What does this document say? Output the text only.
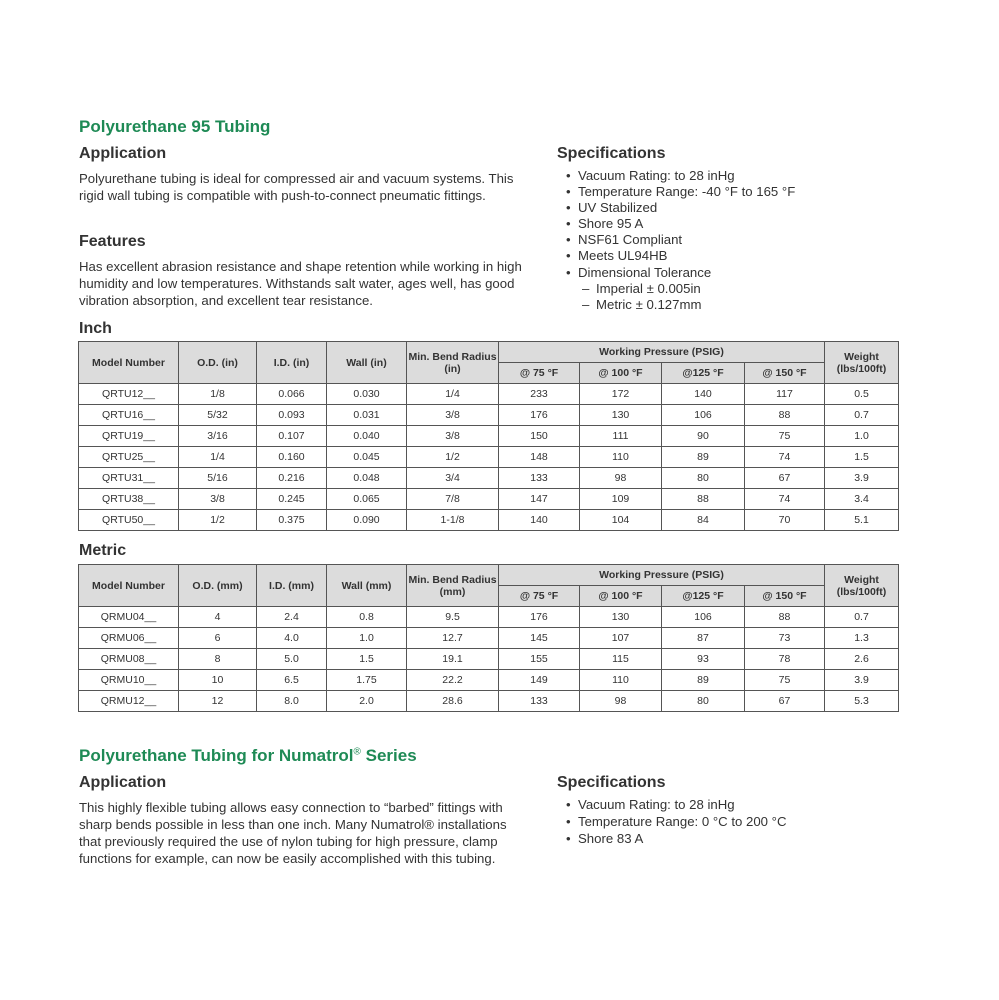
Polyurethane 95 Tubing
Application

Polyurethane tubing is ideal for compressed air and vacuum systems. This rigid wall tubing is compatible with push-to-connect pneumatic fittings.

Features

Has excellent abrasion resistance and shape retention while working in high humidity and low temperatures. Withstands salt water, ages well, has good vibration absorption, and excellent tear resistance.

Specifications
• Vacuum Rating: to 28 inHg
• Temperature Range: -40 °F to 165 °F
• UV Stabilized
• Shore 95 A
• NSF61 Compliant
• Meets UL94HB
• Dimensional Tolerance
– Imperial ± 0.005in
– Metric ± 0.127mm
Inch
Model Number	O.D. (in)	I.D. (in)	Wall (in)	Min. Bend Radius (in)	Working Pressure (PSIG)				Weight (lbs/100ft)
					@ 75 °F	@ 100 °F	@125 °F	@ 150 °F	
QRTU12__	1/8	0.066	0.030	1/4	233	172	140	117	0.5
QRTU16__	5/32	0.093	0.031	3/8	176	130	106	88	0.7
QRTU19__	3/16	0.107	0.040	3/8	150	111	90	75	1.0
QRTU25__	1/4	0.160	0.045	1/2	148	110	89	74	1.5
QRTU31__	5/16	0.216	0.048	3/4	133	98	80	67	3.9
QRTU38__	3/8	0.245	0.065	7/8	147	109	88	74	3.4
QRTU50__	1/2	0.375	0.090	1-1/8	140	104	84	70	5.1
Metric
Model Number	O.D. (mm)	I.D. (mm)	Wall (mm)	Min. Bend Radius (mm)	Working Pressure (PSIG)				Weight (lbs/100ft)
					@ 75 °F	@ 100 °F	@125 °F	@ 150 °F	
QRMU04__	4	2.4	0.8	9.5	176	130	106	88	0.7
QRMU06__	6	4.0	1.0	12.7	145	107	87	73	1.3
QRMU08__	8	5.0	1.5	19.1	155	115	93	78	2.6
QRMU10__	10	6.5	1.75	22.2	149	110	89	75	3.9
QRMU12__	12	8.0	2.0	28.6	133	98	80	67	5.3
Polyurethane Tubing for Numatrol® Series
Application

This highly flexible tubing allows easy connection to “barbed” fittings with sharp bends possible in less than one inch. Many Numatrol® installations that previously required the use of nylon tubing for high pressure, clamp functions for example, can now be easily accomplished with this tubing.

Specifications
• Vacuum Rating: to 28 inHg
• Temperature Range: 0 °C to 200 °C
• Shore 83 A
